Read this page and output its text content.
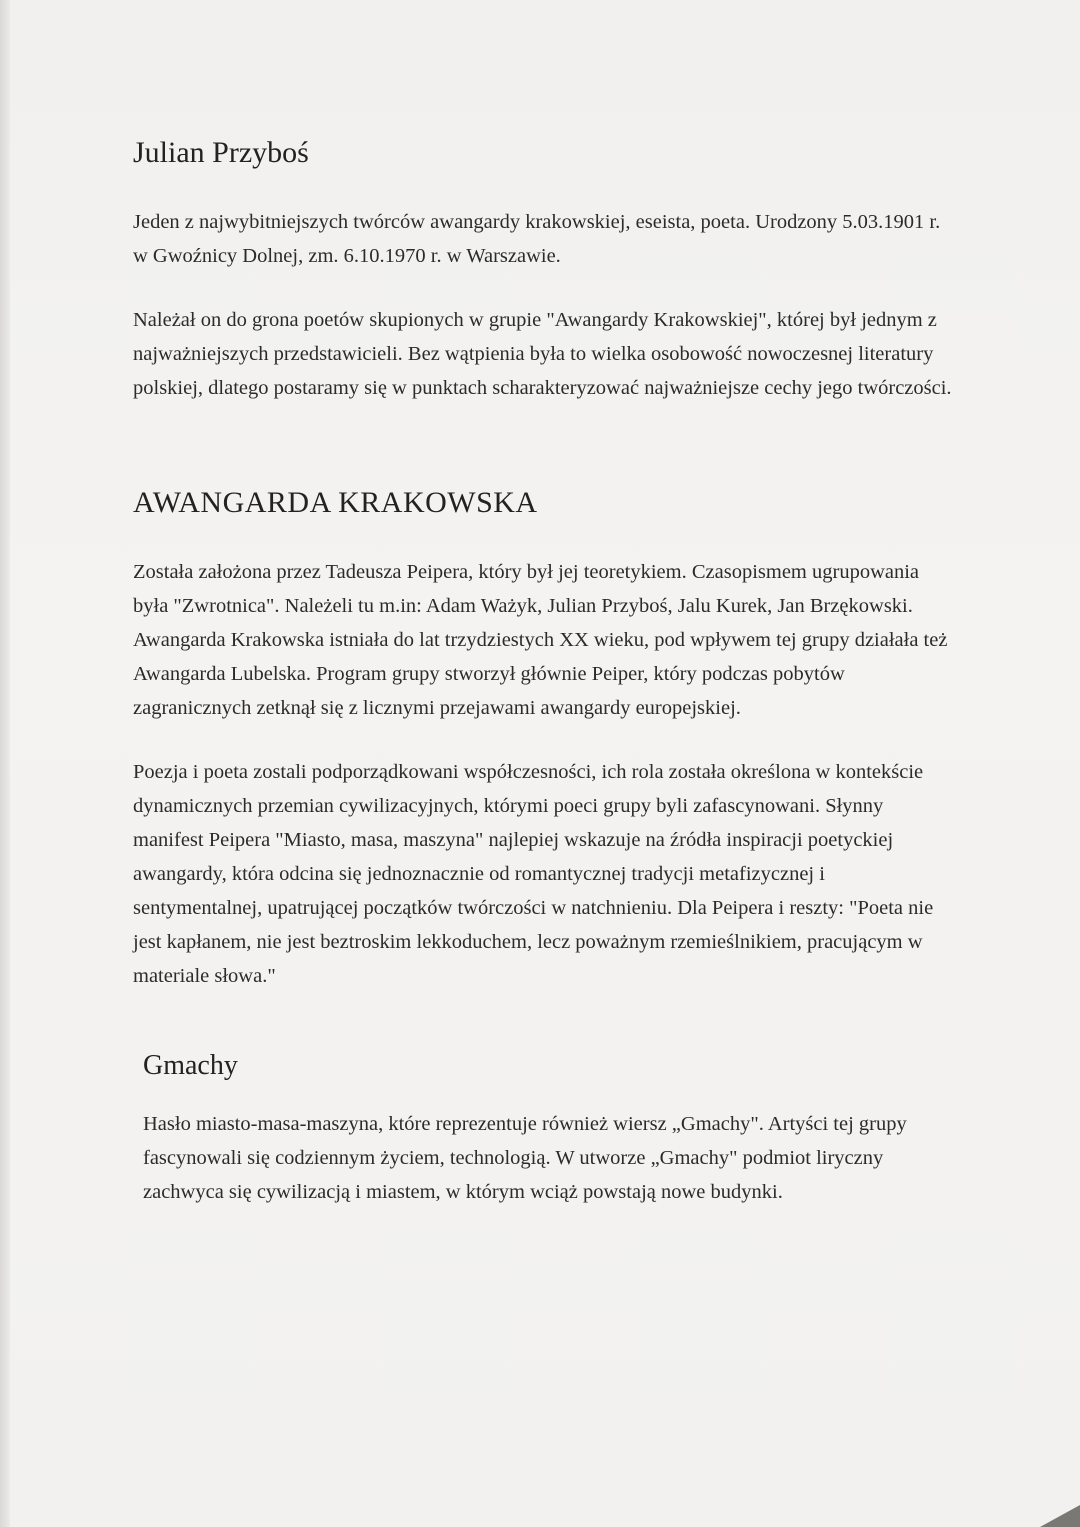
Julian Przyboś

Jeden z najwybitniejszych twórców awangardy krakowskiej, eseista, poeta. Urodzony 5.03.1901 r. w Gwoźnicy Dolnej, zm. 6.10.1970 r. w Warszawie.

Należał on do grona poetów skupionych w grupie "Awangardy Krakowskiej", której był jednym z najważniejszych przedstawicieli. Bez wątpienia była to wielka osobowość nowoczesnej literatury polskiej, dlatego postaramy się w punktach scharakteryzować najważniejsze cechy jego twórczości.

AWANGARDA KRAKOWSKA

Została założona przez Tadeusza Peipera, który był jej teoretykiem. Czasopismem ugrupowania była "Zwrotnica". Należeli tu m.in: Adam Ważyk, Julian Przyboś, Jalu Kurek, Jan Brzękowski. Awangarda Krakowska istniała do lat trzydziestych XX wieku, pod wpływem tej grupy działała też Awangarda Lubelska. Program grupy stworzył głównie Peiper, który podczas pobytów zagranicznych zetknął się z licznymi przejawami awangardy europejskiej.

Poezja i poeta zostali podporządkowani współczesności, ich rola została określona w kontekście dynamicznych przemian cywilizacyjnych, którymi poeci grupy byli zafascynowani. Słynny manifest Peipera "Miasto, masa, maszyna" najlepiej wskazuje na źródła inspiracji poetyckiej awangardy, która odcina się jednoznacznie od romantycznej tradycji metafizycznej i sentymentalnej, upatrującej początków twórczości w natchnieniu. Dla Peipera i reszty: "Poeta nie jest kapłanem, nie jest beztroskim lekkoduchem, lecz poważnym rzemieślnikiem, pracującym w materiale słowa."

Gmachy

Hasło miasto-masa-maszyna, które reprezentuje również wiersz „Gmachy". Artyści tej grupy fascynowali się codziennym życiem, technologią. W utworze „Gmachy" podmiot liryczny zachwyca się cywilizacją i miastem, w którym wciąż powstają nowe budynki.
